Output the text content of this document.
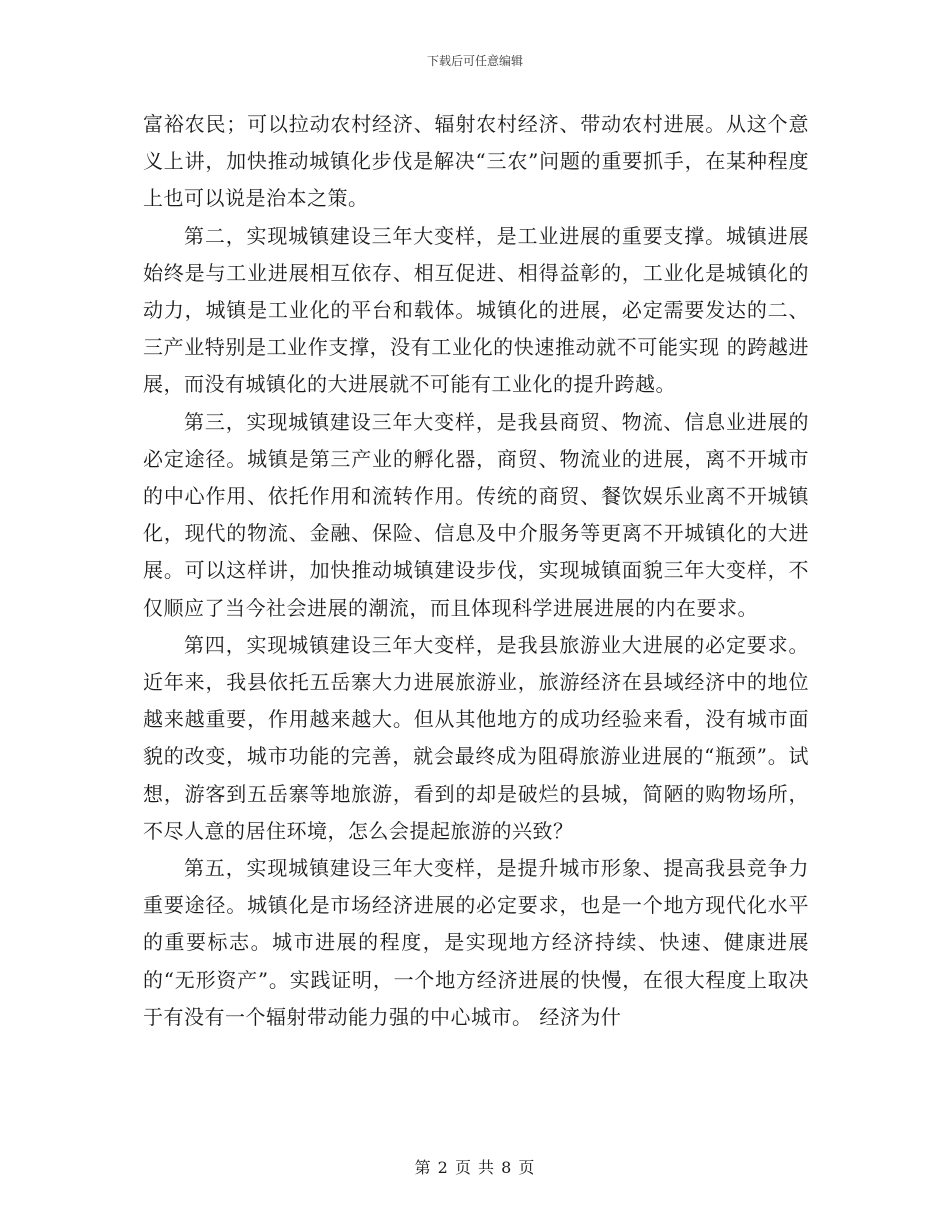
下载后可任意编辑

富裕农民；可以拉动农村经济、辐射农村经济、带动农村进展。从这个意义上讲，加快推动城镇化步伐是解决“三农”问题的重要抓手，在某种程度上也可以说是治本之策。

第二，实现城镇建设三年大变样，是工业进展的重要支撑。城镇进展始终是与工业进展相互依存、相互促进、相得益彰的，工业化是城镇化的动力，城镇是工业化的平台和载体。城镇化的进展，必定需要发达的二、三产业特别是工业作支撑，没有工业化的快速推动就不可能实现 的跨越进展，而没有城镇化的大进展就不可能有工业化的提升跨越。

第三，实现城镇建设三年大变样，是我县商贸、物流、信息业进展的必定途径。城镇是第三产业的孵化器，商贸、物流业的进展，离不开城市的中心作用、依托作用和流转作用。传统的商贸、餐饮娱乐业离不开城镇化，现代的物流、金融、保险、信息及中介服务等更离不开城镇化的大进展。可以这样讲，加快推动城镇建设步伐，实现城镇面貌三年大变样，不仅顺应了当今社会进展的潮流，而且体现科学进展进展的内在要求。

第四，实现城镇建设三年大变样，是我县旅游业大进展的必定要求。近年来，我县依托五岳寨大力进展旅游业，旅游经济在县域经济中的地位越来越重要，作用越来越大。但从其他地方的成功经验来看，没有城市面貌的改变，城市功能的完善，就会最终成为阻碍旅游业进展的“瓶颈”。试想，游客到五岳寨等地旅游，看到的却是破烂的县城，简陋的购物场所，不尽人意的居住环境，怎么会提起旅游的兴致？

第五，实现城镇建设三年大变样，是提升城市形象、提高我县竞争力重要途径。城镇化是市场经济进展的必定要求，也是一个地方现代化水平的重要标志。城市进展的程度，是实现地方经济持续、快速、健康进展的“无形资产”。实践证明，一个地方经济进展的快慢，在很大程度上取决于有没有一个辐射带动能力强的中心城市。 经济为什

第 2 页 共 8 页
